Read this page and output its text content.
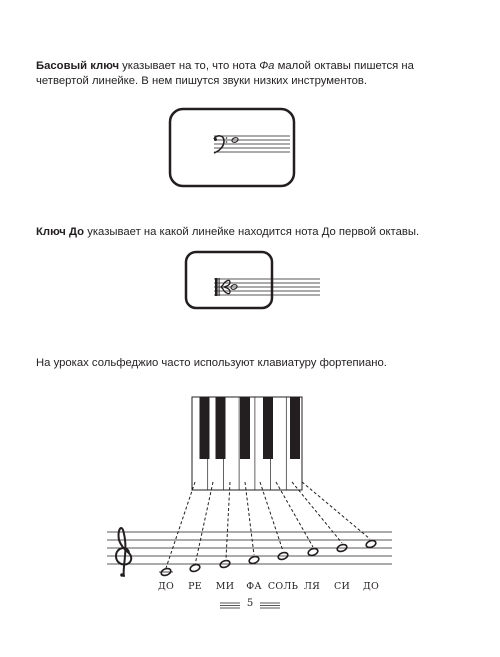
Басовый ключ указывает на то, что нота Фа малой октавы пишется на четвертой линейке. В нем пишутся звуки низких инструментов.

Ключ До указывает на какой линейке находится нота До первой октавы.

На уроках сольфеджио часто используют клавиатуру фортепиано.

ДО РЕ МИ ФА СОЛЬ ЛЯ СИ ДО
5
